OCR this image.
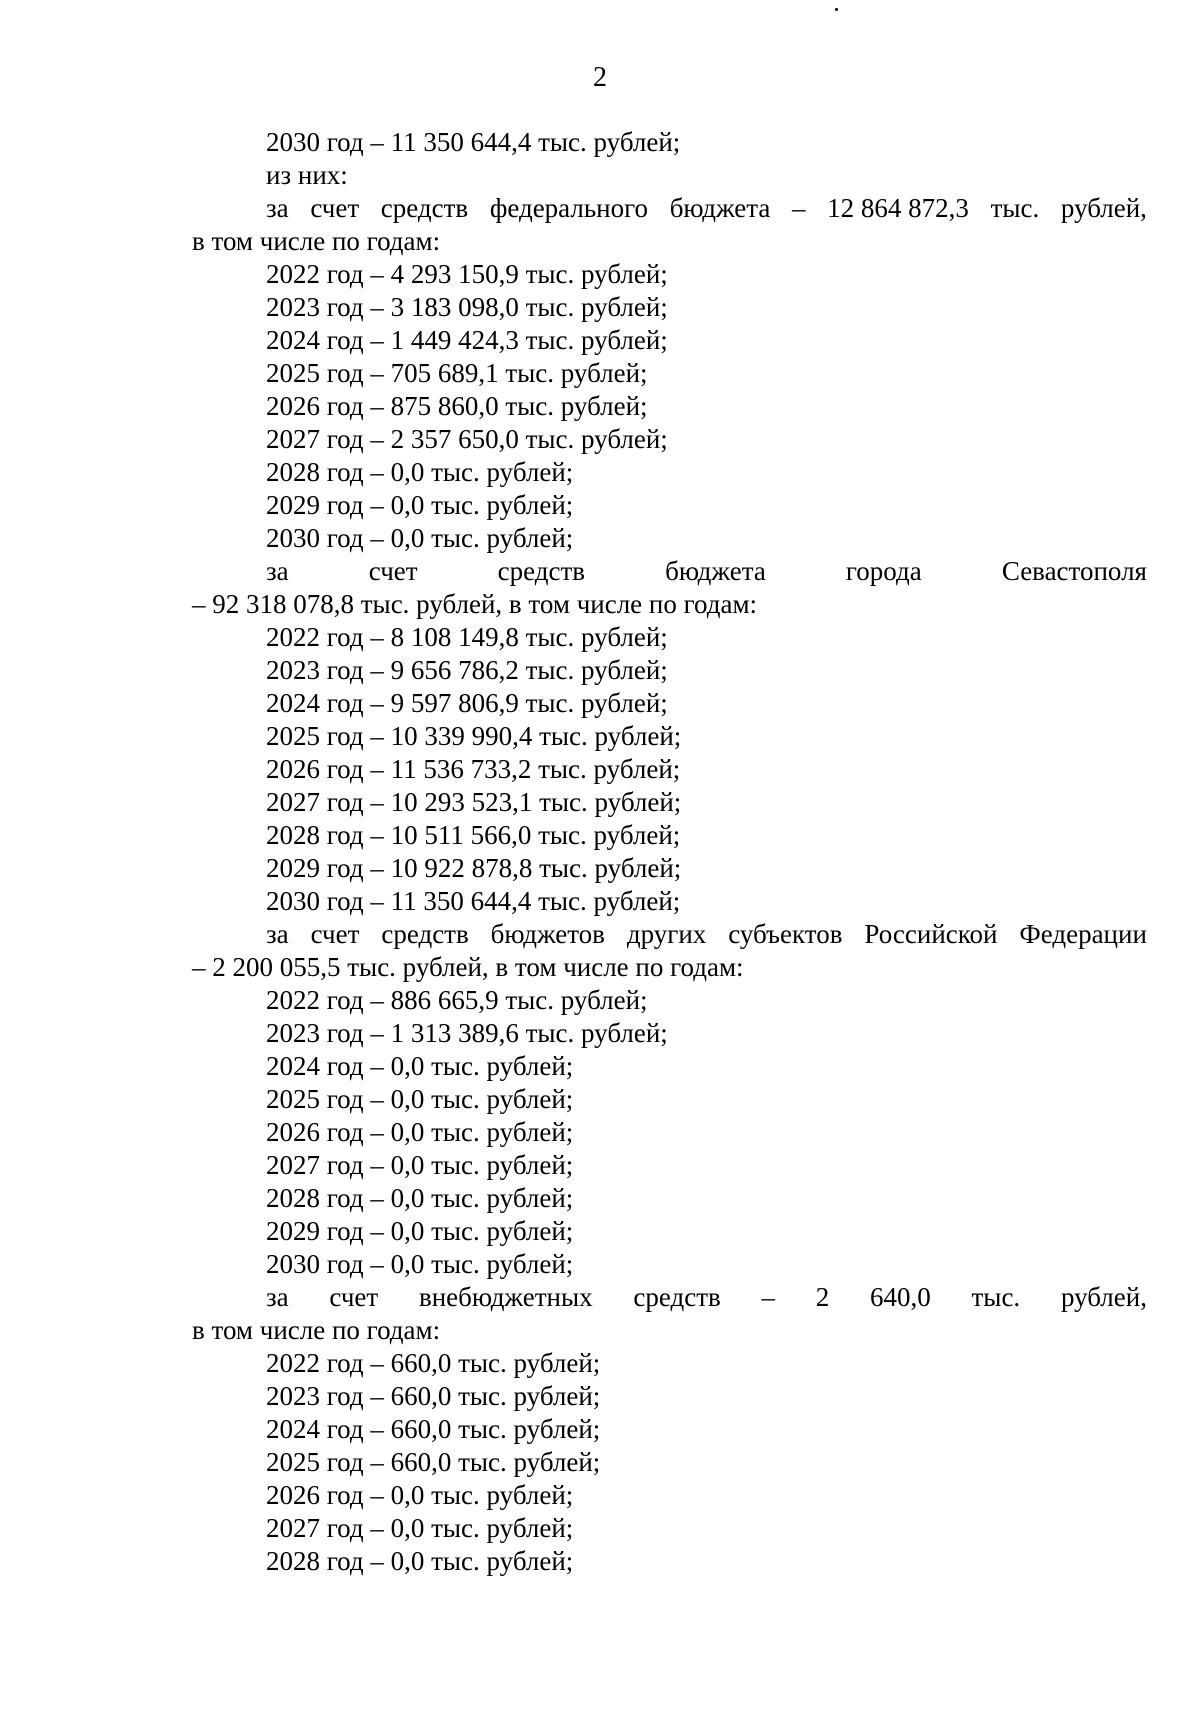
2
2030 год – 11 350 644,4 тыс. рублей;
из них:
за счет средств федерального бюджета – 12 864 872,3 тыс. рублей,
в том числе по годам:
2022 год – 4 293 150,9 тыс. рублей;
2023 год – 3 183 098,0 тыс. рублей;
2024 год – 1 449 424,3 тыс. рублей;
2025 год – 705 689,1 тыс. рублей;
2026 год – 875 860,0 тыс. рублей;
2027 год – 2 357 650,0 тыс. рублей;
2028 год – 0,0 тыс. рублей;
2029 год – 0,0 тыс. рублей;
2030 год – 0,0 тыс. рублей;
за	счет	средств	бюджета	города	Севастополя
– 92 318 078,8 тыс. рублей, в том числе по годам:
2022 год – 8 108 149,8 тыс. рублей;
2023 год – 9 656 786,2 тыс. рублей;
2024 год – 9 597 806,9 тыс. рублей;
2025 год – 10 339 990,4 тыс. рублей;
2026 год – 11 536 733,2 тыс. рублей;
2027 год – 10 293 523,1 тыс. рублей;
2028 год – 10 511 566,0 тыс. рублей;
2029 год – 10 922 878,8 тыс. рублей;
2030 год – 11 350 644,4 тыс. рублей;
за счет средств бюджетов других субъектов Российской Федерации
– 2 200 055,5 тыс. рублей, в том числе по годам:
2022 год – 886 665,9 тыс. рублей;
2023 год – 1 313 389,6 тыс. рублей;
2024 год – 0,0 тыс. рублей;
2025 год – 0,0 тыс. рублей;
2026 год – 0,0 тыс. рублей;
2027 год – 0,0 тыс. рублей;
2028 год – 0,0 тыс. рублей;
2029 год – 0,0 тыс. рублей;
2030 год – 0,0 тыс. рублей;
за счет внебюджетных средств – 2 640,0 тыс. рублей,
в том числе по годам:
2022 год – 660,0 тыс. рублей;
2023 год – 660,0 тыс. рублей;
2024 год – 660,0 тыс. рублей;
2025 год – 660,0 тыс. рублей;
2026 год – 0,0 тыс. рублей;
2027 год – 0,0 тыс. рублей;
2028 год – 0,0 тыс. рублей;
